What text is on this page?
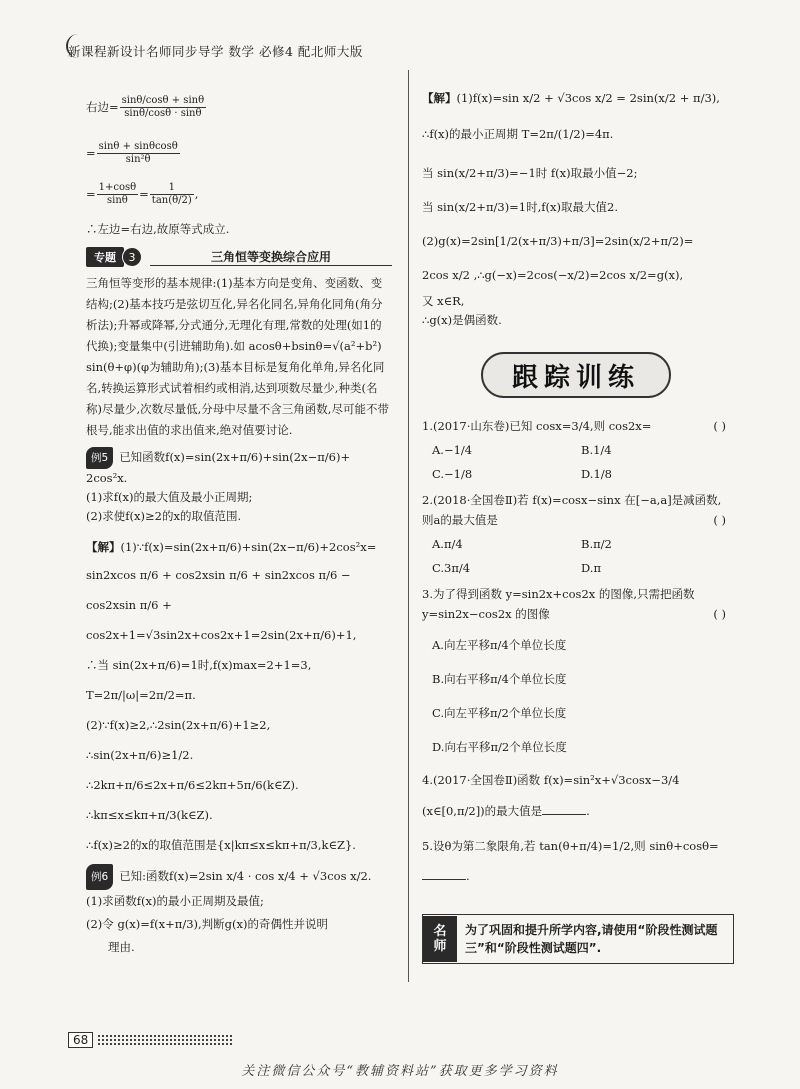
新课程新设计名师同步导学 数学 必修4 配北师大版
右边= $\frac{\sin\theta/\cos\theta + \sin\theta}{\sin\theta/\cos\theta \cdot \sin\theta}$
= $\frac{\sin\theta + \sin\theta\cos\theta}{\text{sin²θ}}$
= $\frac{1+\cos\theta}{\sin\theta} = \frac{1}{\tan(\theta/2)}$ ,

∴左边=右边,故原等式成立.

专题	3	三角恒等变换综合应用

三角恒等变形的基本规律:(1)基本方向是变角、变函数、变结构;(2)基本技巧是弦切互化,异名化同名,异角化同角(角分析法);升幂或降幂,分式通分,无理化有理,常数的处理(如1的代换);变量集中(引进辅助角).如 acosθ+bsinθ=√(a²+b²) sin(θ+φ)(φ为辅助角);(3)基本目标是复角化单角,异名化同名,转换运算形式试着相约或相消,达到项数尽量少,种类(名称)尽量少,次数尽量低,分母中尽量不含三角函数,尽可能不带根号,能求出值的求出值来,绝对值要讨论.

例5 已知函数f(x)=sin(2x+π/6)+sin(2x−π/6)+

2cos²x.

(1)求f(x)的最大值及最小正周期;

(2)求使f(x)≥2的x的取值范围.

【解】(1)∵f(x)=sin(2x+π/6)+sin(2x−π/6)+2cos²x=

sin2xcos π/6 + cos2xsin π/6 + sin2xcos π/6 − cos2xsin π/6 +

cos2x+1=√3sin2x+cos2x+1=2sin(2x+π/6)+1,

∴当 sin(2x+π/6)=1时,f(x)max=2+1=3,

T=2π/|ω|=2π/2=π.

(2)∵f(x)≥2,∴2sin(2x+π/6)+1≥2,

∴sin(2x+π/6)≥1/2.

∴2kπ+π/6≤2x+π/6≤2kπ+5π/6(k∈Z).

∴kπ≤x≤kπ+π/3(k∈Z).

∴f(x)≥2的x的取值范围是{x|kπ≤x≤kπ+π/3,k∈Z}.

例6 已知:函数f(x)=2sin x/4 · cos x/4 + √3cos x/2.

(1)求函数f(x)的最小正周期及最值;

(2)令 g(x)=f(x+π/3),判断g(x)的奇偶性并说明

理由.

【解】(1)f(x)=sin x/2 + √3cos x/2 = 2sin(x/2 + π/3),

∴f(x)的最小正周期 T=2π/(1/2)=4π.

当 sin(x/2+π/3)=−1时 f(x)取最小值−2;

当 sin(x/2+π/3)=1时,f(x)取最大值2.

(2)g(x)=2sin[1/2(x+π/3)+π/3]=2sin(x/2+π/2)=

2cos x/2 ,∴g(−x)=2cos(−x/2)=2cos x/2=g(x),

又 x∈R,

∴g(x)是偶函数.

跟踪训练

1.(2017·山东卷)已知 cosx=3/4,则 cos2x=	( )

A.−1/4	B.1/4
C.−1/8	D.1/8

2.(2018·全国卷Ⅱ)若 f(x)=cosx−sinx 在[−a,a]是减函数,则a的最大值是	( )

A.π/4	B.π/2
C.3π/4	D.π

3.为了得到函数 y=sin2x+cos2x 的图像,只需把函数 y=sin2x−cos2x 的图像	( )

A.向左平移π/4个单位长度
B.向右平移π/4个单位长度
C.向左平移π/2个单位长度
D.向右平移π/2个单位长度

4.(2017·全国卷Ⅱ)函数 f(x)=sin²x+√3cosx−3/4

(x∈[0,π/2])的最大值是	.

5.设θ为第二象限角,若 tan(θ+π/4)=1/2,则 sinθ+cosθ=

.

名
师
为了巩固和提升所学内容,请使用“阶段性测试题三”和“阶段性测试题四”.
68
关注微信公众号“教辅资料站”获取更多学习资料
